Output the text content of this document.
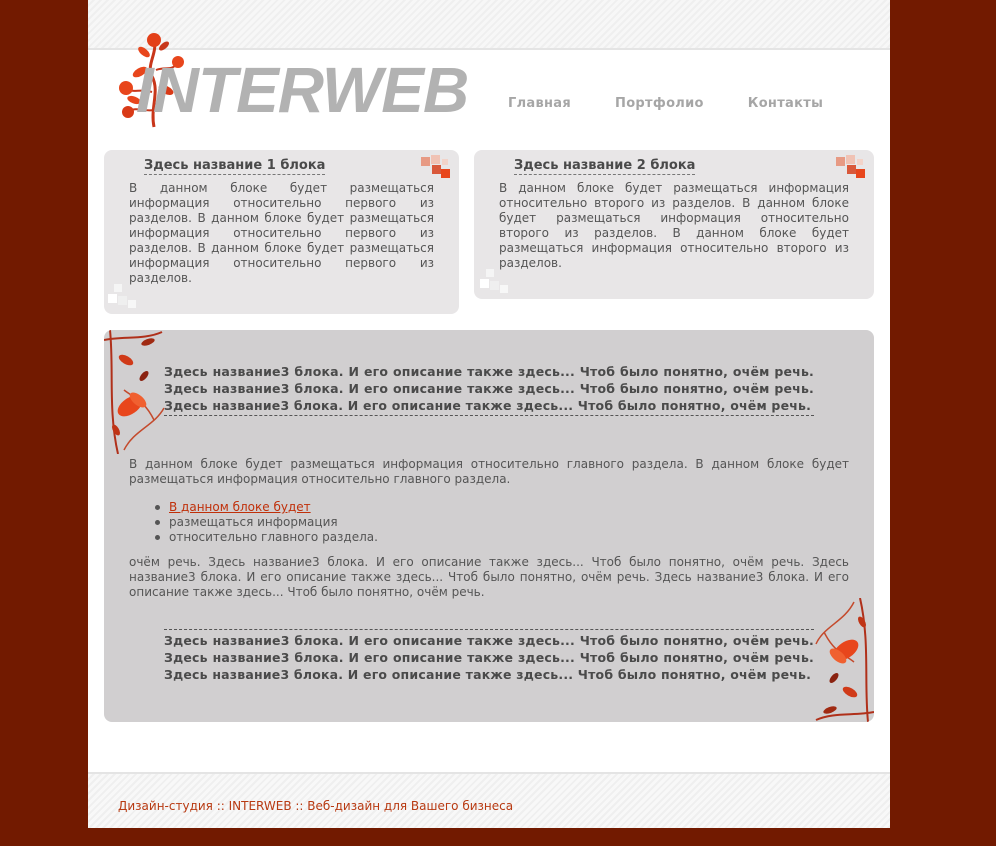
INTERWEB	Главная	Портфолио	Контакты
Здесь название 1 блока

В данном блоке будет размещаться информация относительно первого из разделов. В данном блоке будет размещаться информация относительно первого из разделов. В данном блоке будет размещаться информация относительно первого из разделов.

Здесь название 2 блока

В данном блоке будет размещаться информация относительно второго из разделов. В данном блоке будет размещаться информация относительно второго из разделов. В данном блоке будет размещаться информация относительно второго из разделов.

Здесь название3 блока. И его описание также здесь... Чтоб было понятно, очём речь. Здесь название3 блока. И его описание также здесь... Чтоб было понятно, очём речь. Здесь название3 блока. И его описание также здесь... Чтоб было понятно, очём речь.

В данном блоке будет размещаться информация относительно главного раздела. В данном блоке будет размещаться информация относительно главного раздела.

В данном блоке будет
размещаться информация
относительно главного раздела.

очём речь. Здесь название3 блока. И его описание также здесь... Чтоб было понятно, очём речь. Здесь название3 блока. И его описание также здесь... Чтоб было понятно, очём речь. Здесь название3 блока. И его описание также здесь... Чтоб было понятно, очём речь.

Здесь название3 блока. И его описание также здесь... Чтоб было понятно, очём речь. Здесь название3 блока. И его описание также здесь... Чтоб было понятно, очём речь. Здесь название3 блока. И его описание также здесь... Чтоб было понятно, очём речь.
Дизайн-студия :: INTERWEB :: Веб-дизайн для Вашего бизнеса
